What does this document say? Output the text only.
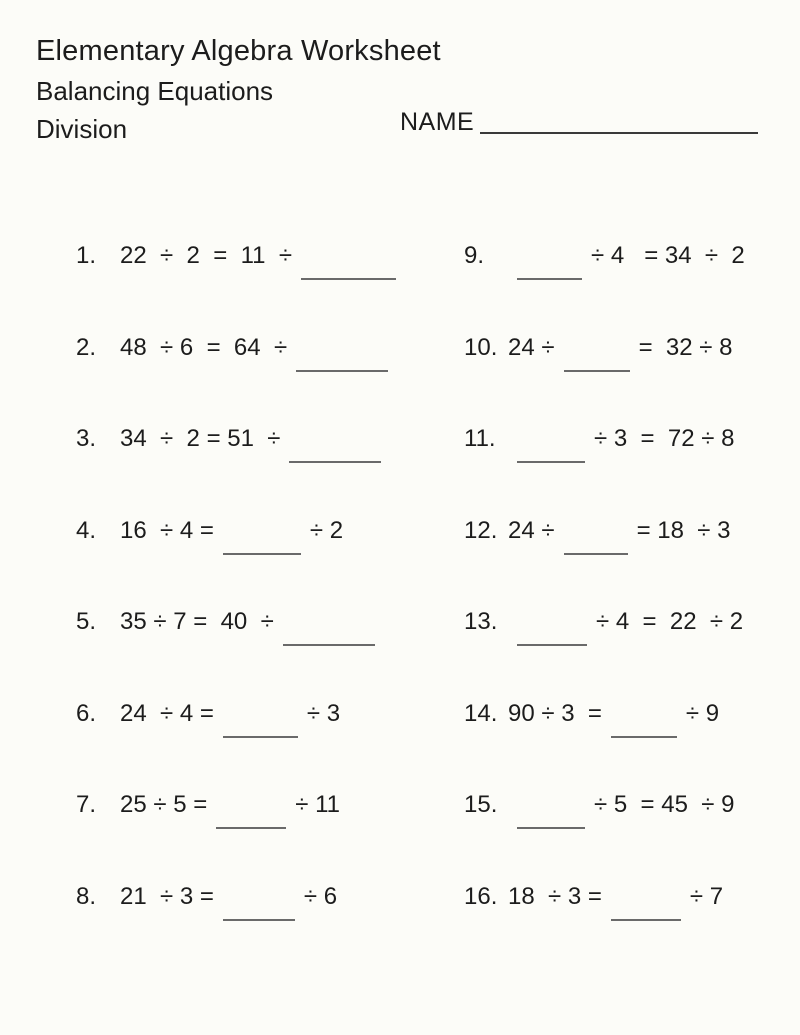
Elementary Algebra Worksheet
Balancing Equations
Division	NAME

1. 22  ÷  2  =  11  ÷

2. 48  ÷ 6  =  64  ÷

3. 34  ÷  2 = 51  ÷

4. 16  ÷ 4 =	÷ 2

5. 35 ÷ 7 =  40  ÷

6. 24  ÷ 4 =	÷ 3

7. 25 ÷ 5 =	÷ 11

8. 21  ÷ 3 =	÷ 6

9.	÷ 4   = 34  ÷  2

10. 24 ÷	=  32 ÷ 8

11.	÷ 3  =  72 ÷ 8

12. 24 ÷	= 18  ÷ 3

13.	÷ 4  =  22  ÷ 2

14. 90 ÷ 3  =	÷ 9

15.	÷ 5  = 45  ÷ 9

16. 18  ÷ 3 =	÷ 7
